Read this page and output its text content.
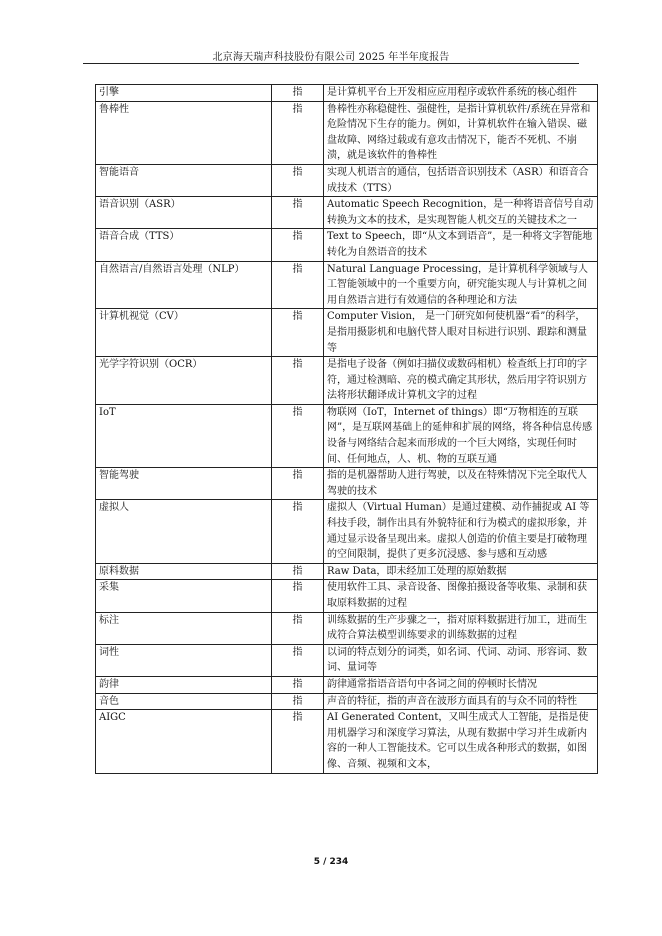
北京海天瑞声科技股份有限公司 2025 年半年度报告
引擎	指	是计算机平台上开发相应应用程序或软件系统的核心组件
鲁棒性	指	鲁棒性亦称稳健性、强健性，是指计算机软件/系统在异常和危险情况下生存的能力。例如，计算机软件在输入错误、磁盘故障、网络过载或有意攻击情况下，能否不死机、不崩溃，就是该软件的鲁棒性
智能语音	指	实现人机语言的通信，包括语音识别技术（ASR）和语音合成技术（TTS）
语音识别（ASR）	指	Automatic Speech Recognition，是一种将语音信号自动转换为文本的技术，是实现智能人机交互的关键技术之一
语音合成（TTS）	指	Text to Speech，即“从文本到语音”，是一种将文字智能地转化为自然语音的技术
自然语言/自然语言处理（NLP）	指	Natural Language Processing，是计算机科学领域与人工智能领域中的一个重要方向，研究能实现人与计算机之间用自然语言进行有效通信的各种理论和方法
计算机视觉（CV）	指	Computer Vision， 是一门研究如何使机器“看”的科学，是指用摄影机和电脑代替人眼对目标进行识别、跟踪和测量等
光学字符识别（OCR）	指	是指电子设备（例如扫描仪或数码相机）检查纸上打印的字符，通过检测暗、亮的模式确定其形状，然后用字符识别方法将形状翻译成计算机文字的过程
IoT	指	物联网（IoT，Internet of things）即“万物相连的互联网”，是互联网基础上的延伸和扩展的网络，将各种信息传感设备与网络结合起来而形成的一个巨大网络，实现任何时间、任何地点，人、机、物的互联互通
智能驾驶	指	指的是机器帮助人进行驾驶，以及在特殊情况下完全取代人驾驶的技术
虚拟人	指	虚拟人（Virtual Human）是通过建模、动作捕捉或 AI 等科技手段，制作出具有外貌特征和行为模式的虚拟形象，并通过显示设备呈现出来。虚拟人创造的价值主要是打破物理的空间限制，提供了更多沉浸感、参与感和互动感
原料数据	指	Raw Data，即未经加工处理的原始数据
采集	指	使用软件工具、录音设备、图像拍摄设备等收集、录制和获取原料数据的过程
标注	指	训练数据的生产步骤之一，指对原料数据进行加工，进而生成符合算法模型训练要求的训练数据的过程
词性	指	以词的特点划分的词类，如名词、代词、动词、形容词、数词、量词等
韵律	指	韵律通常指语音语句中各词之间的停顿时长情况
音色	指	声音的特征，指的声音在波形方面具有的与众不同的特性
AIGC	指	AI Generated Content，又叫生成式人工智能，是指是使用机器学习和深度学习算法，从现有数据中学习并生成新内容的一种人工智能技术。它可以生成各种形式的数据，如图像、音频、视频和文本，
5 / 234
